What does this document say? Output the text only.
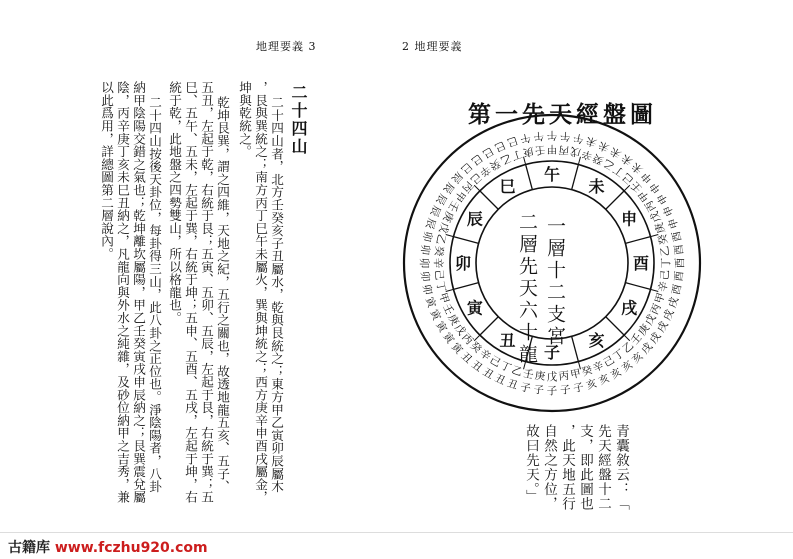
地理要義 3
二十四山
二十四山者，北方壬癸亥子丑屬水，乾與艮統之；東方甲乙寅卯辰屬木
，艮與巽統之；南方丙丁巳午未屬火，巽與坤統之；西方庚辛申酉戌屬金，
坤與乾統之。
乾坤艮巽，謂之四維，天地之紀，五行之關也，故透地龍五亥、五子、
五丑，左起于乾，右統于艮；五寅、五卯、五辰，左起于艮，右統于巽；五
巳、五午、五未，左起于巽，右統于坤；五申、五酉、五戌，左起于坤，右
統于乾，此地盤之四勢雙山，所以格龍也。
二十四山按後天卦位，每卦得三山，此八卦之正位也。淨陰陽者，八卦
納甲陰陽交錯之氣也；乾坤離坎屬陽，甲乙壬癸寅戌申辰納之；艮巽震兌屬
陰，丙辛庚丁亥未巳丑納之，凡龍向與外水之純雜，及砂位納甲之吉秀，兼
以此爲用，詳總圖第二層說內。
2 地理要義
第一先天經盤圖
子
丑
寅
卯
辰
巳
午
未
申
酉
戌
亥
甲
子
丙
子
戊
子
庚
子
壬
子
乙
丑
丁
丑
己
丑
辛
丑
癸
丑
丙
寅
戊
寅
庚
寅
壬
寅
甲
寅
丁
卯
己
卯
辛
卯
癸
卯
乙
卯
戊
辰 庚
辰 壬
辰 甲
辰 丙
辰 己
巳 辛
巳 癸
巳 乙
巳
丁
巳
庚
午
壬
午
甲
午
丙
午
戊
午
辛
未
癸
未
乙
未
丁
未
己
未
壬
申
甲
申
丙
申
戊
申
庚
申
癸 酉
乙 酉
丁 酉
己 酉
辛 酉
甲
戌
丙
戌
戊
戌
庚
戌
壬
戌
乙
亥
丁
亥
己
亥
辛
亥
癸
亥
一層十二支宮
二層先天六十龍
青囊敘云：「
先天經盤十二
支，即此圖也
，此天地五行
自然之方位，
故曰先天。」
古籍库 www.fczhu920.com
